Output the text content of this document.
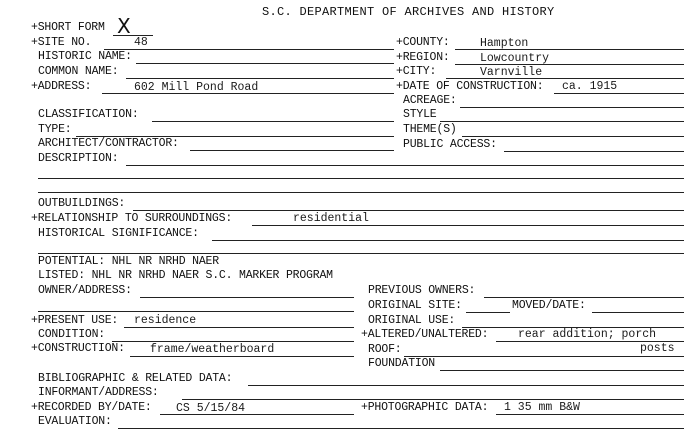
S.C. DEPARTMENT OF ARCHIVES AND HISTORY
+SHORT FORM X
+SITE NO.	48
HISTORIC NAME:
COMMON NAME:
+ADDRESS:	602 Mill Pond Road
CLASSIFICATION:
TYPE:
ARCHITECT/CONTRACTOR:
DESCRIPTION:
OUTBUILDINGS:
+RELATIONSHIP TO SURROUNDINGS:	residential
HISTORICAL SIGNIFICANCE:
POTENTIAL: NHL NR NRHD NAER
LISTED: NHL NR NRHD NAER S.C. MARKER PROGRAM
OWNER/ADDRESS:
+PRESENT USE: residence
CONDITION:
+CONSTRUCTION: frame/weatherboard
BIBLIOGRAPHIC & RELATED DATA:
INFORMANT/ADDRESS:
+RECORDED BY/DATE: CS 5/15/84
EVALUATION:
+COUNTY:	Hampton
+REGION:	Lowcountry
+CITY:	Varnville
+DATE OF CONSTRUCTION: ca. 1915
ACREAGE:
STYLE
THEME(S)
PUBLIC ACCESS:
PREVIOUS OWNERS:
ORIGINAL SITE:	MOVED/DATE:
ORIGINAL USE:
+ALTERED/UNALTERED:	rear addition; porch
ROOF:	posts
FOUNDATION
+PHOTOGRAPHIC DATA: 1 35 mm B&W
